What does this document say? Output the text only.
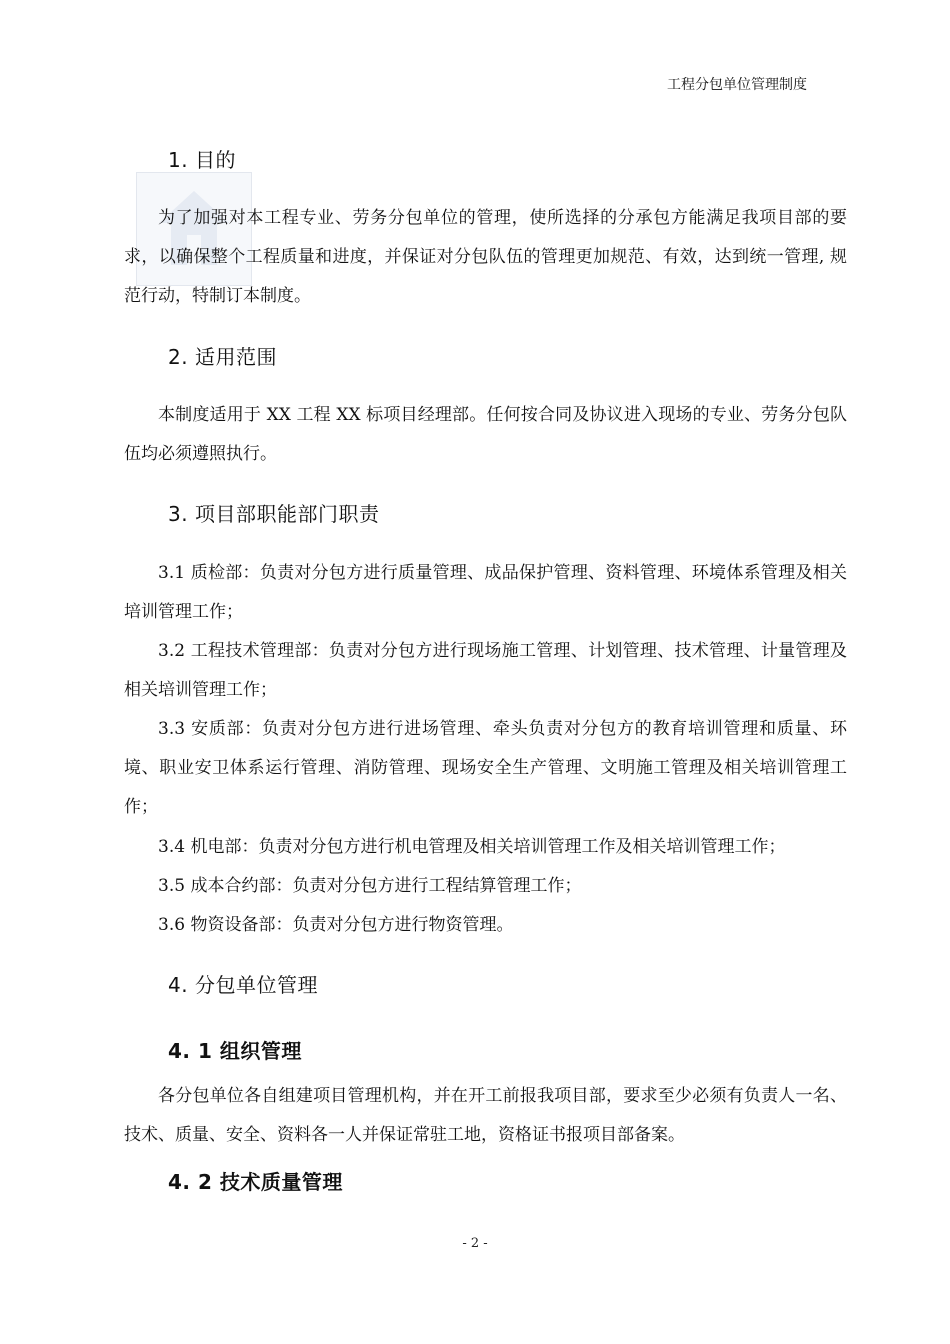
工程分包单位管理制度
1. 目的

为了加强对本工程专业、劳务分包单位的管理，使所选择的分承包方能满足我项目部的要求，以确保整个工程质量和进度，并保证对分包队伍的管理更加规范、有效，达到统一管理, 规范行动，特制订本制度。

2. 适用范围

本制度适用于 XX 工程 XX 标项目经理部。任何按合同及协议进入现场的专业、劳务分包队伍均必须遵照执行。

3. 项目部职能部门职责

3.1 质检部：负责对分包方进行质量管理、成品保护管理、资料管理、环境体系管理及相关培训管理工作；

3.2 工程技术管理部：负责对分包方进行现场施工管理、计划管理、技术管理、计量管理及相关培训管理工作；

3.3 安质部：负责对分包方进行进场管理、牵头负责对分包方的教育培训管理和质量、环境、职业安卫体系运行管理、消防管理、现场安全生产管理、文明施工管理及相关培训管理工作；

3.4 机电部：负责对分包方进行机电管理及相关培训管理工作及相关培训管理工作；

3.5 成本合约部：负责对分包方进行工程结算管理工作；

3.6 物资设备部：负责对分包方进行物资管理。

4. 分包单位管理
4. 1 组织管理

各分包单位各自组建项目管理机构，并在开工前报我项目部，要求至少必须有负责人一名、技术、质量、安全、资料各一人并保证常驻工地，资格证书报项目部备案。

4. 2 技术质量管理
- 2 -
